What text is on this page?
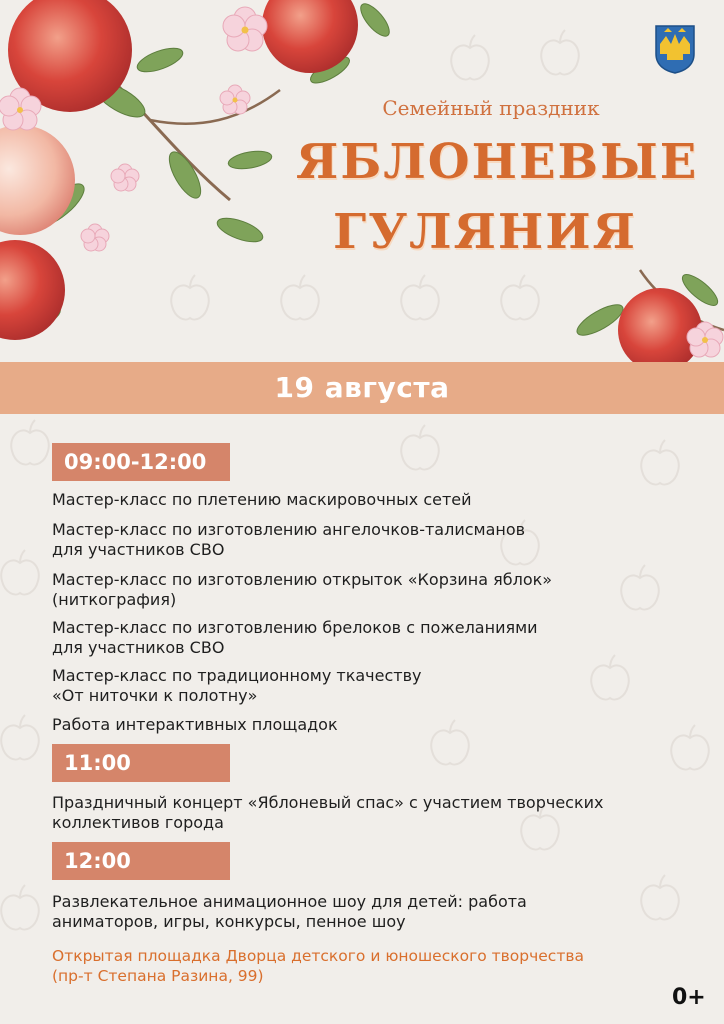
Семейный праздник
ЯБЛОНЕВЫЕ
ГУЛЯНИЯ
19 августа
09:00-12:00
Мастер-класс по плетению маскировочных сетей
Мастер-класс по изготовлению ангелочков-талисманов
для участников СВО
Мастер-класс по изготовлению открыток «Корзина яблок»
(ниткография)
Мастер-класс по изготовлению брелоков с пожеланиями
для участников СВО
Мастер-класс по традиционному ткачеству
«От ниточки к полотну»
Работа интерактивных площадок
11:00
Праздничный концерт «Яблоневый спас» с участием творческих
коллективов города
12:00
Развлекательное анимационное шоу для детей: работа
аниматоров, игры, конкурсы, пенное шоу
Открытая площадка Дворца детского и юношеского творчества
(пр-т Степана Разина, 99)
0+
